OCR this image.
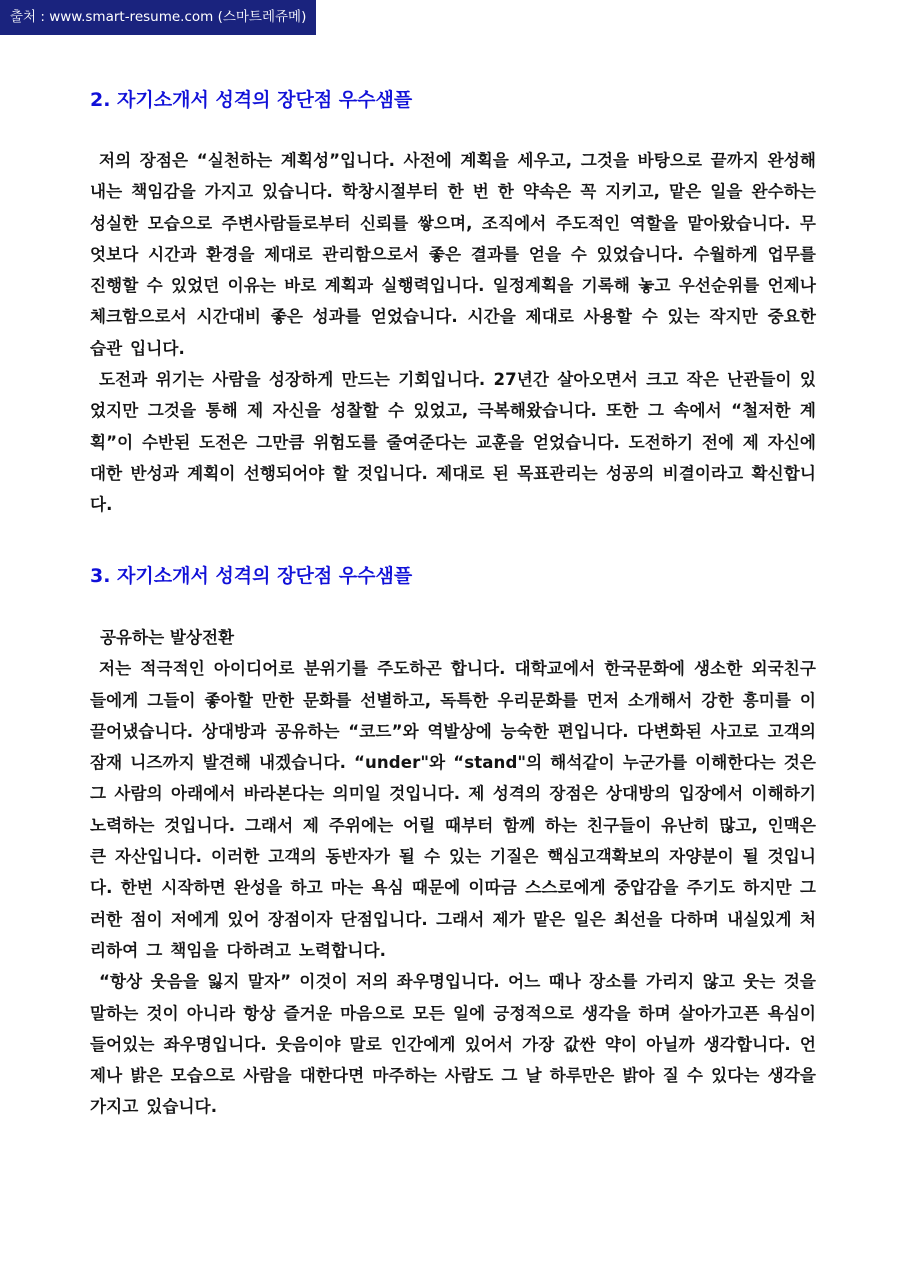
출처 : www.smart-resume.com (스마트레쥬메)
2. 자기소개서 성격의 장단점 우수샘플

저의 장점은 “실천하는 계획성”입니다. 사전에 계획을 세우고, 그것을 바탕으로 끝까지 완성해 내는 책임감을 가지고 있습니다. 학창시절부터 한 번 한 약속은 꼭 지키고, 맡은 일을 완수하는 성실한 모습으로 주변사람들로부터 신뢰를 쌓으며, 조직에서 주도적인 역할을 맡아왔습니다. 무엇보다 시간과 환경을 제대로 관리함으로서 좋은 결과를 얻을 수 있었습니다. 수월하게 업무를 진행할 수 있었던 이유는 바로 계획과 실행력입니다. 일정계획을 기록해 놓고 우선순위를 언제나 체크함으로서 시간대비 좋은 성과를 얻었습니다. 시간을 제대로 사용할 수 있는 작지만 중요한 습관 입니다.

도전과 위기는 사람을 성장하게 만드는 기회입니다. 27년간 살아오면서 크고 작은 난관들이 있었지만 그것을 통해 제 자신을 성찰할 수 있었고, 극복해왔습니다. 또한 그 속에서 “철저한 계획”이 수반된 도전은 그만큼 위험도를 줄여준다는 교훈을 얻었습니다. 도전하기 전에 제 자신에 대한 반성과 계획이 선행되어야 할 것입니다. 제대로 된 목표관리는 성공의 비결이라고 확신합니다.

3. 자기소개서 성격의 장단점 우수샘플

공유하는 발상전환

저는 적극적인 아이디어로 분위기를 주도하곤 합니다. 대학교에서 한국문화에 생소한 외국친구들에게 그들이 좋아할 만한 문화를 선별하고, 독특한 우리문화를 먼저 소개해서 강한 흥미를 이끌어냈습니다. 상대방과 공유하는 “코드”와 역발상에 능숙한 편입니다. 다변화된 사고로 고객의 잠재 니즈까지 발견해 내겠습니다. “under"와 “stand"의 해석같이 누군가를 이해한다는 것은 그 사람의 아래에서 바라본다는 의미일 것입니다. 제 성격의 장점은 상대방의 입장에서 이해하기 노력하는 것입니다. 그래서 제 주위에는 어릴 때부터 함께 하는 친구들이 유난히 많고, 인맥은 큰 자산입니다. 이러한 고객의 동반자가 될 수 있는 기질은 핵심고객확보의 자양분이 될 것입니다. 한번 시작하면 완성을 하고 마는 욕심 때문에 이따금 스스로에게 중압감을 주기도 하지만 그러한 점이 저에게 있어 장점이자 단점입니다. 그래서 제가 맡은 일은 최선을 다하며 내실있게 처리하여 그 책임을 다하려고 노력합니다.

“항상 웃음을 잃지 말자” 이것이 저의 좌우명입니다. 어느 때나 장소를 가리지 않고 웃는 것을 말하는 것이 아니라 항상 즐거운 마음으로 모든 일에 긍정적으로 생각을 하며 살아가고픈 욕심이 들어있는 좌우명입니다. 웃음이야 말로 인간에게 있어서 가장 값싼 약이 아닐까 생각합니다. 언제나 밝은 모습으로 사람을 대한다면 마주하는 사람도 그 날 하루만은 밝아 질 수 있다는 생각을 가지고 있습니다.
